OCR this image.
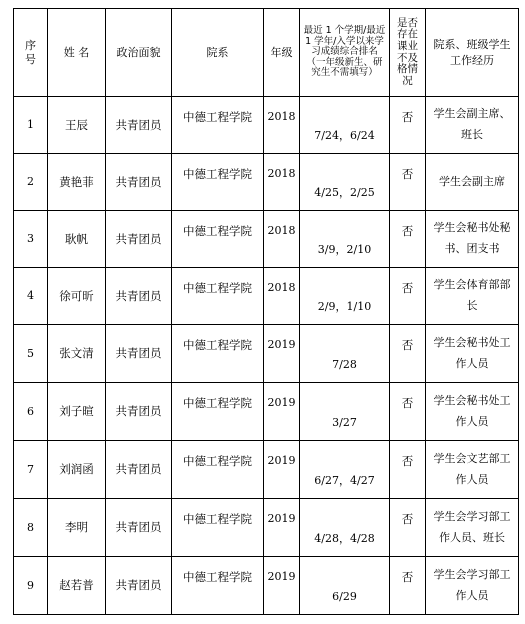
序号	姓 名	政治面貌	院系	年级	最近 1 个学期/最近 1 学年/入学以来学习成绩综合排名（一年级新生、研究生不需填写）	是否存在课业不及格情况	院系、班级学生工作经历

1	王辰	共青团员	中德工程学院	2018	7/24，6/24	否	学生会副主席、班长

2	黄艳菲	共青团员	中德工程学院	2018	4/25，2/25	否	学生会副主席

3	耿帆	共青团员	中德工程学院	2018	3/9，2/10	否	学生会秘书处秘书、团支书

4	徐可昕	共青团员	中德工程学院	2018	2/9，1/10	否	学生会体育部部长

5	张文清	共青团员	中德工程学院	2019	7/28	否	学生会秘书处工作人员

6	刘子暄	共青团员	中德工程学院	2019	3/27	否	学生会秘书处工作人员

7	刘润函	共青团员	中德工程学院	2019	6/27，4/27	否	学生会文艺部工作人员

8	李明	共青团员	中德工程学院	2019	4/28，4/28	否	学生会学习部工作人员、班长

9	赵若普	共青团员	中德工程学院	2019	6/29	否	学生会学习部工作人员
